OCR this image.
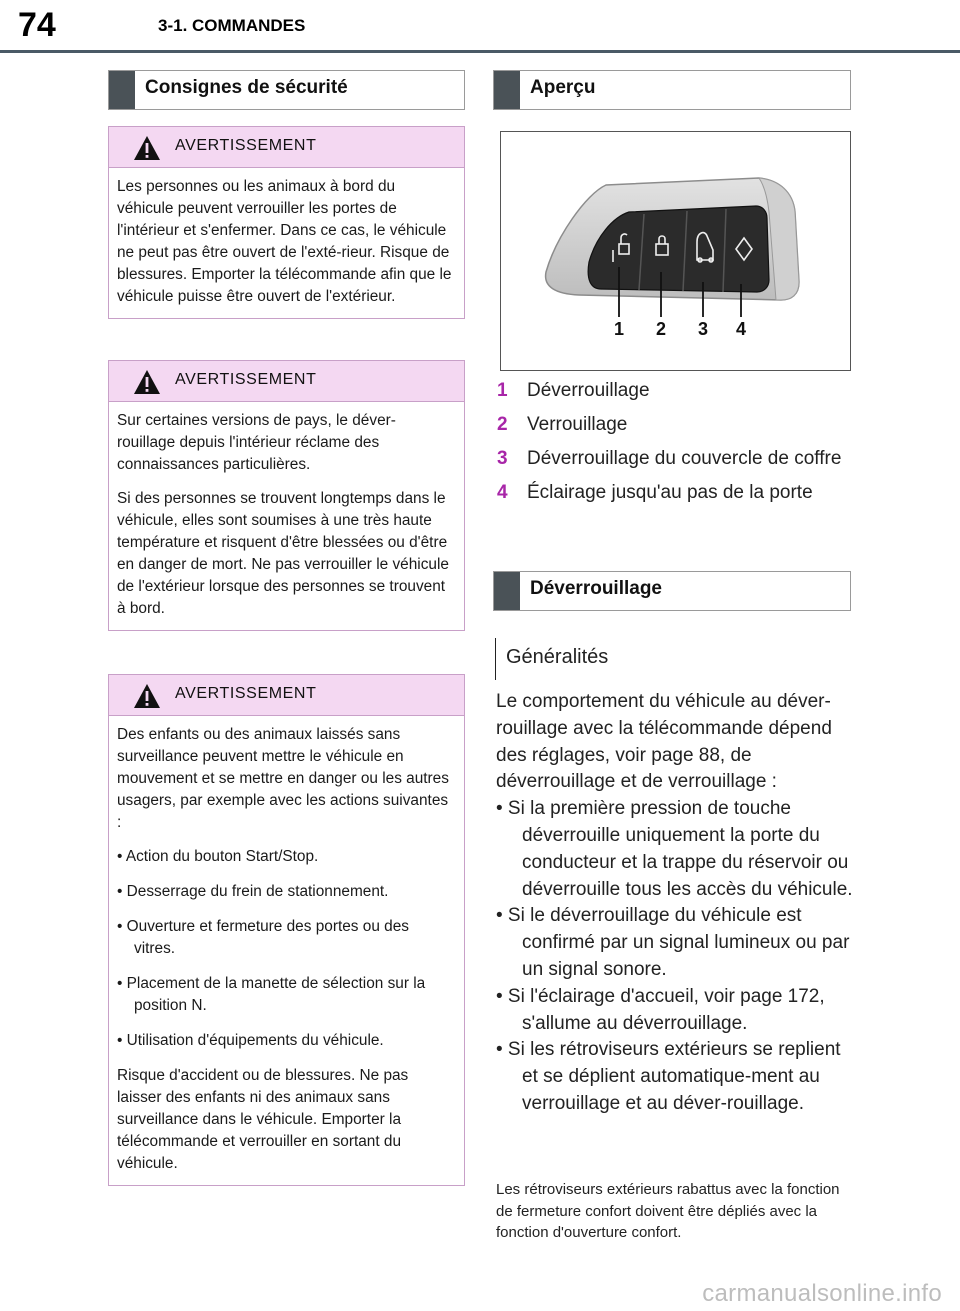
74	3-1. COMMANDES
Consignes de sécurité
AVERTISSEMENT

Les personnes ou les animaux à bord du véhicule peuvent verrouiller les portes de l'intérieur et s'enfermer. Dans ce cas, le véhicule ne peut pas être ouvert de l'exté-rieur. Risque de blessures. Emporter la télécommande afin que le véhicule puisse être ouvert de l'extérieur.

AVERTISSEMENT

Sur certaines versions de pays, le déver-rouillage depuis l'intérieur réclame des connaissances particulières.

Si des personnes se trouvent longtemps dans le véhicule, elles sont soumises à une très haute température et risquent d'être blessées ou d'être en danger de mort. Ne pas verrouiller le véhicule de l'extérieur lorsque des personnes se trouvent à bord.

AVERTISSEMENT

Des enfants ou des animaux laissés sans surveillance peuvent mettre le véhicule en mouvement et se mettre en danger ou les autres usagers, par exemple avec les actions suivantes :

• Action du bouton Start/Stop.

• Desserrage du frein de stationnement.

• Ouverture et fermeture des portes ou des vitres.

• Placement de la manette de sélection sur la position N.

• Utilisation d'équipements du véhicule.

Risque d'accident ou de blessures. Ne pas laisser des enfants ni des animaux sans surveillance dans le véhicule. Emporter la télécommande et verrouiller en sortant du véhicule.

Aperçu
1 2 3 4
1 Déverrouillage
2 Verrouillage
3 Déverrouillage du couvercle de coffre
4 Éclairage jusqu'au pas de la porte
Déverrouillage
Généralités

Le comportement du véhicule au déver-rouillage avec la télécommande dépend des réglages, voir page 88, de déverrouillage et de verrouillage :

• Si la première pression de touche déverrouille uniquement la porte du conducteur et la trappe du réservoir ou déverrouille tous les accès du véhicule.

• Si le déverrouillage du véhicule est confirmé par un signal lumineux ou par un signal sonore.

• Si l'éclairage d'accueil, voir page 172, s'allume au déverrouillage.

• Si les rétroviseurs extérieurs se replient et se déplient automatique-ment au verrouillage et au déver-rouillage.

Les rétroviseurs extérieurs rabattus avec la fonction de fermeture confort doivent être dépliés avec la fonction d'ouverture confort.
carmanualsonline.info
